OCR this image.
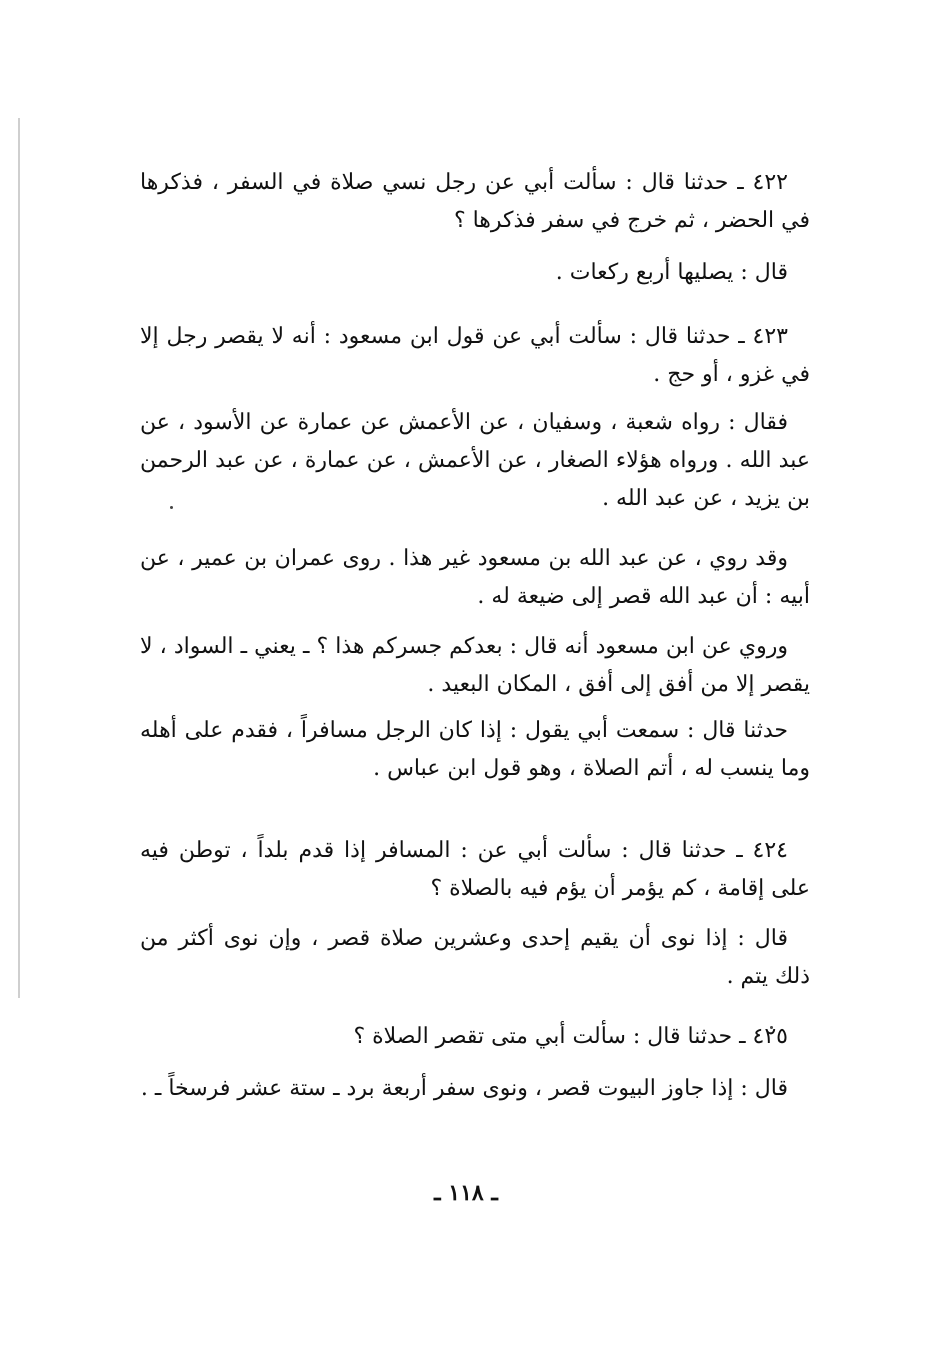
٤٢٢ ـ حدثنا قال : سألت أبي عن رجل نسي صلاة في السفر ، فذكرها في الحضر ، ثم خرج في سفر فذكرها ؟

قال : يصليها أربع ركعات .

٤٢٣ ـ حدثنا قال : سألت أبي عن قول ابن مسعود : أنه لا يقصر رجل إلا في غزو ، أو حج .

فقال : رواه شعبة ، وسفيان ، عن الأعمش عن عمارة عن الأسود ، عن عبد الله . ورواه هؤلاء الصغار ، عن الأعمش ، عن عمارة ، عن عبد الرحمن بن يزيد ، عن عبد الله .

وقد روي ، عن عبد الله بن مسعود غير هذا . روى عمران بن عمير ، عن أبيه : أن عبد الله قصر إلى ضيعة له .

وروي عن ابن مسعود أنه قال : بعدكم جسركم هذا ؟ ـ يعني ـ السواد ، لا يقصر إلا من أفق إلى أفق ، المكان البعيد .

حدثنا قال : سمعت أبي يقول : إذا كان الرجل مسافراً ، فقدم على أهله وما ينسب له ، أتم الصلاة ، وهو قول ابن عباس .

٤٢٤ ـ حدثنا قال : سألت أبي عن : المسافر إذا قدم بلداً ، توطن فيه على إقامة ، كم يؤمر أن يؤم فيه بالصلاة ؟

قال : إذا نوى أن يقيم إحدى وعشرين صلاة قصر ، وإن نوى أكثر من ذلك يتم .

٤٢٥ ـ حدثنا قال : سألت أبي متى تقصر الصلاة ؟

قال : إذا جاوز البيوت قصر ، ونوى سفر أربعة برد ـ ستة عشر فرسخاً ـ .

ـ ١١٨ ـ
